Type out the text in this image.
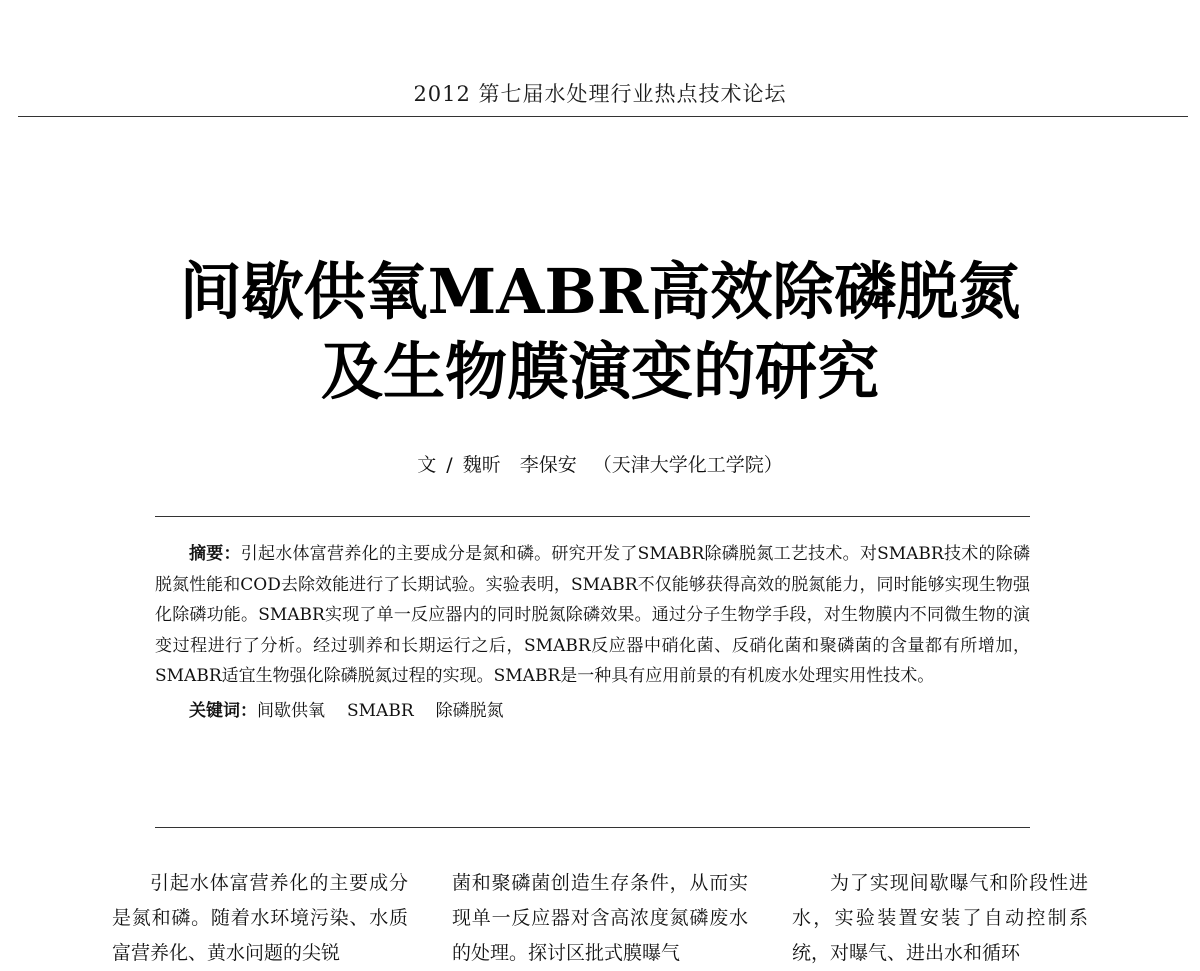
2012 第七届水处理行业热点技术论坛
间歇供氧MABR高效除磷脱氮
及生物膜演变的研究
文 / 魏昕　李保安 （天津大学化工学院）

摘要：引起水体富营养化的主要成分是氮和磷。研究开发了SMABR除磷脱氮工艺技术。对SMABR技术的除磷脱氮性能和COD去除效能进行了长期试验。实验表明，SMABR不仅能够获得高效的脱氮能力，同时能够实现生物强化除磷功能。SMABR实现了单一反应器内的同时脱氮除磷效果。通过分子生物学手段，对生物膜内不同微生物的演变过程进行了分析。经过驯养和长期运行之后，SMABR反应器中硝化菌、反硝化菌和聚磷菌的含量都有所增加，SMABR适宜生物强化除磷脱氮过程的实现。SMABR是一种具有应用前景的有机废水处理实用性技术。

关键词：间歇供氧 SMABR 除磷脱氮

引起水体富营养化的主要成分是氮和磷。随着水环境污染、水质富营养化、黄水问题的尖锐

菌和聚磷菌创造生存条件，从而实现单一反应器对含高浓度氮磷废水的处理。探讨区批式膜曝气

为了实现间歇曝气和阶段性进水，实验装置安装了自动控制系统，对曝气、进出水和循环
